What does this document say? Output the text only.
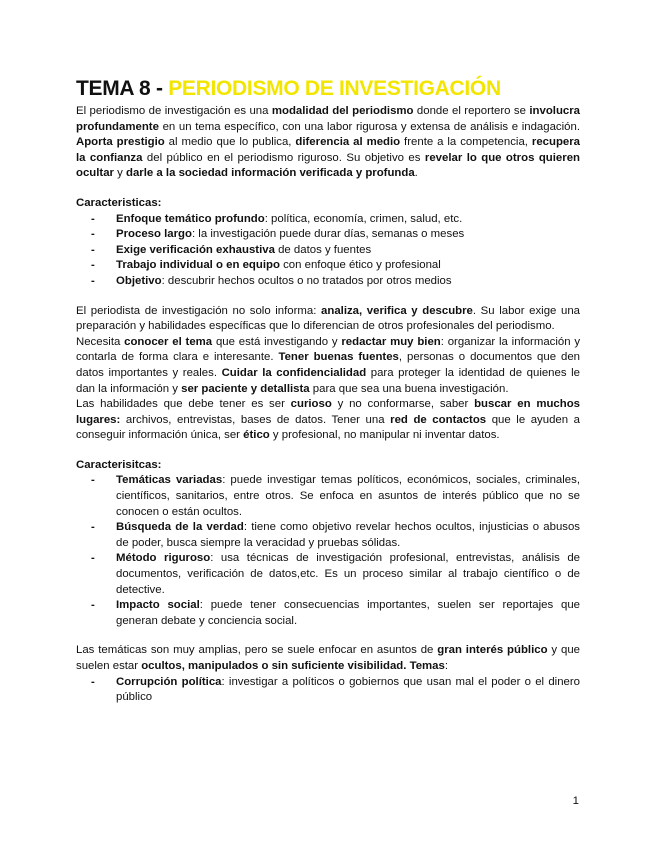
TEMA 8 - PERIODISMO DE INVESTIGACIÓN

El periodismo de investigación es una modalidad del periodismo donde el reportero se involucra profundamente en un tema específico, con una labor rigurosa y extensa de análisis e indagación. Aporta prestigio al medio que lo publica, diferencia al medio frente a la competencia, recupera la confianza del público en el periodismo riguroso. Su objetivo es revelar lo que otros quieren ocultar y darle a la sociedad información verificada y profunda.

Caracteristicas:

- Enfoque temático profundo: política, economía, crimen, salud, etc.
- Proceso largo: la investigación puede durar días, semanas o meses
- Exige verificación exhaustiva de datos y fuentes
- Trabajo individual o en equipo con enfoque ético y profesional
- Objetivo: descubrir hechos ocultos o no tratados por otros medios

El periodista de investigación no solo informa: analiza, verifica y descubre. Su labor exige una preparación y habilidades específicas que lo diferencian de otros profesionales del periodismo.

Necesita conocer el tema que está investigando y redactar muy bien: organizar la información y contarla de forma clara e interesante. Tener buenas fuentes, personas o documentos que den datos importantes y reales. Cuidar la confidencialidad para proteger la identidad de quienes le dan la información y ser paciente y detallista para que sea una buena investigación.

Las habilidades que debe tener es ser curioso y no conformarse, saber buscar en muchos lugares: archivos, entrevistas, bases de datos. Tener una red de contactos que le ayuden a conseguir información única, ser ético y profesional, no manipular ni inventar datos.

Caracterisitcas:

- Temáticas variadas: puede investigar temas políticos, económicos, sociales, criminales, científicos, sanitarios, entre otros. Se enfoca en asuntos de interés público que no se conocen o están ocultos.
- Búsqueda de la verdad: tiene como objetivo revelar hechos ocultos, injusticias o abusos de poder, busca siempre la veracidad y pruebas sólidas.
- Método riguroso: usa técnicas de investigación profesional, entrevistas, análisis de documentos, verificación de datos,etc. Es un proceso similar al trabajo científico o de detective.
- Impacto social: puede tener consecuencias importantes, suelen ser reportajes que generan debate y conciencia social.

Las temáticas son muy amplias, pero se suele enfocar en asuntos de gran interés público y que suelen estar ocultos, manipulados o sin suficiente visibilidad. Temas:

- Corrupción política: investigar a políticos o gobiernos que usan mal el poder o el dinero público
1
